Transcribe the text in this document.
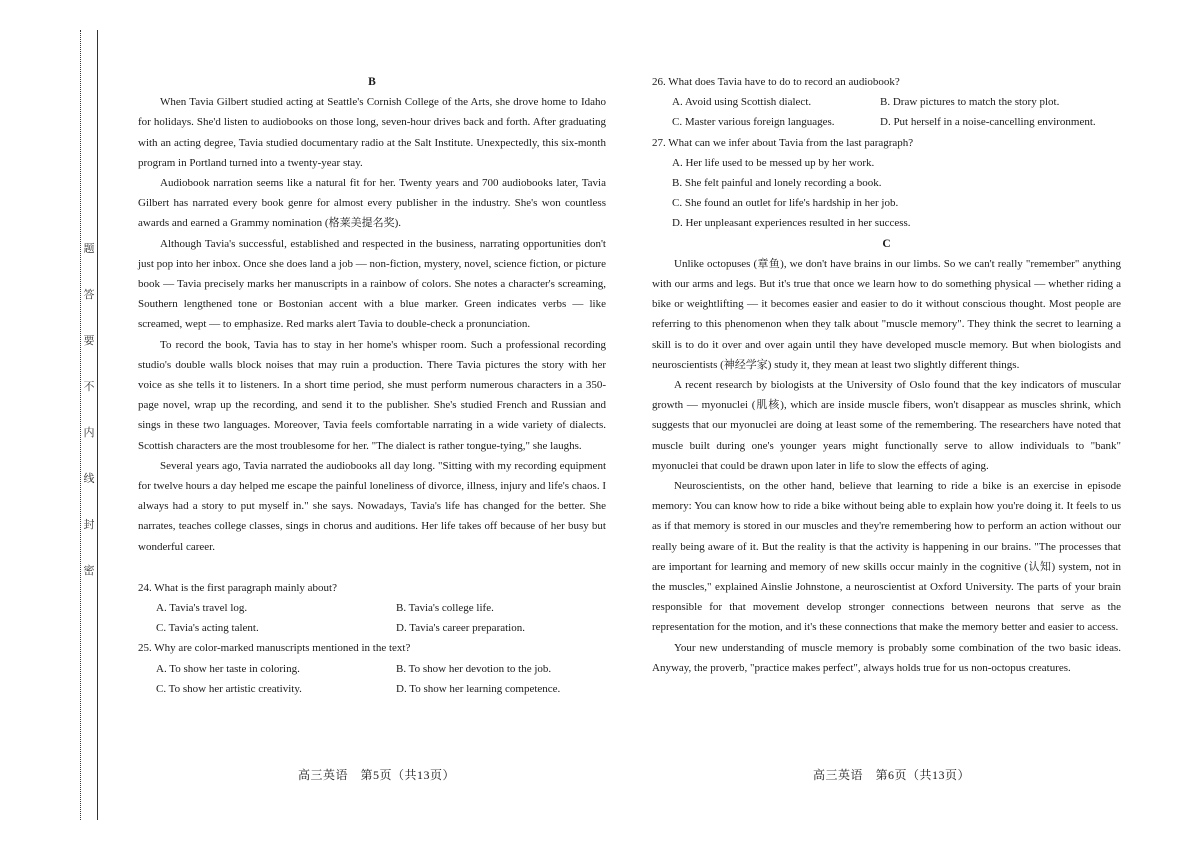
题
答
要
不
内
线
封
密
B

When Tavia Gilbert studied acting at Seattle's Cornish College of the Arts, she drove home to Idaho for holidays. She'd listen to audiobooks on those long, seven-hour drives back and forth. After graduating with an acting degree, Tavia studied documentary radio at the Salt Institute. Unexpectedly, this six-month program in Portland turned into a twenty-year stay.

Audiobook narration seems like a natural fit for her. Twenty years and 700 audiobooks later, Tavia Gilbert has narrated every book genre for almost every publisher in the industry. She's won countless awards and earned a Grammy nomination (格莱美提名奖).

Although Tavia's successful, established and respected in the business, narrating opportunities don't just pop into her inbox. Once she does land a job — non-fiction, mystery, novel, science fiction, or picture book — Tavia precisely marks her manuscripts in a rainbow of colors. She notes a character's screaming, Southern lengthened tone or Bostonian accent with a blue marker. Green indicates verbs — like screamed, wept — to emphasize. Red marks alert Tavia to double-check a pronunciation.

To record the book, Tavia has to stay in her home's whisper room. Such a professional recording studio's double walls block noises that may ruin a production. There Tavia pictures the story with her voice as she tells it to listeners. In a short time period, she must perform numerous characters in a 350-page novel, wrap up the recording, and send it to the publisher. She's studied French and Russian and sings in these two languages. Moreover, Tavia feels comfortable narrating in a wide variety of dialects. Scottish characters are the most troublesome for her. "The dialect is rather tongue-tying," she laughs.

Several years ago, Tavia narrated the audiobooks all day long. "Sitting with my recording equipment for twelve hours a day helped me escape the painful loneliness of divorce, illness, injury and life's chaos. I always had a story to put myself in." she says. Nowadays, Tavia's life has changed for the better. She narrates, teaches college classes, sings in chorus and auditions. Her life takes off because of her busy but wonderful career.

24. What is the first paragraph mainly about?

A. Tavia's travel log.	B. Tavia's college life.
C. Tavia's acting talent.	D. Tavia's career preparation.

25. Why are color-marked manuscripts mentioned in the text?

A. To show her taste in coloring.	B. To show her devotion to the job.
C. To show her artistic creativity.	D. To show her learning competence.

26. What does Tavia have to do to record an audiobook?

A. Avoid using Scottish dialect.	B. Draw pictures to match the story plot.
C. Master various foreign languages.	D. Put herself in a noise-cancelling environment.

27. What can we infer about Tavia from the last paragraph?

A. Her life used to be messed up by her work.

B. She felt painful and lonely recording a book.

C. She found an outlet for life's hardship in her job.

D. Her unpleasant experiences resulted in her success.

C

Unlike octopuses (章鱼), we don't have brains in our limbs. So we can't really "remember" anything with our arms and legs. But it's true that once we learn how to do something physical — whether riding a bike or weightlifting — it becomes easier and easier to do it without conscious thought. Most people are referring to this phenomenon when they talk about "muscle memory". They think the secret to learning a skill is to do it over and over again until they have developed muscle memory. But when biologists and neuroscientists (神经学家) study it, they mean at least two slightly different things.

A recent research by biologists at the University of Oslo found that the key indicators of muscular growth — myonuclei (肌核), which are inside muscle fibers, won't disappear as muscles shrink, which suggests that our myonuclei are doing at least some of the remembering. The researchers have noted that muscle built during one's younger years might functionally serve to allow individuals to "bank" myonuclei that could be drawn upon later in life to slow the effects of aging.

Neuroscientists, on the other hand, believe that learning to ride a bike is an exercise in episode memory: You can know how to ride a bike without being able to explain how you're doing it. It feels to us as if that memory is stored in our muscles and they're remembering how to perform an action without our really being aware of it. But the reality is that the activity is happening in our brains. "The processes that are important for learning and memory of new skills occur mainly in the cognitive (认知) system, not in the muscles," explained Ainslie Johnstone, a neuroscientist at Oxford University. The parts of your brain responsible for that movement develop stronger connections between neurons that serve as the representation for the motion, and it's these connections that make the memory better and easier to access.

Your new understanding of muscle memory is probably some combination of the two basic ideas. Anyway, the proverb, "practice makes perfect", always holds true for us non-octopus creatures.

高三英语　第5页（共13页）	高三英语　第6页（共13页）
